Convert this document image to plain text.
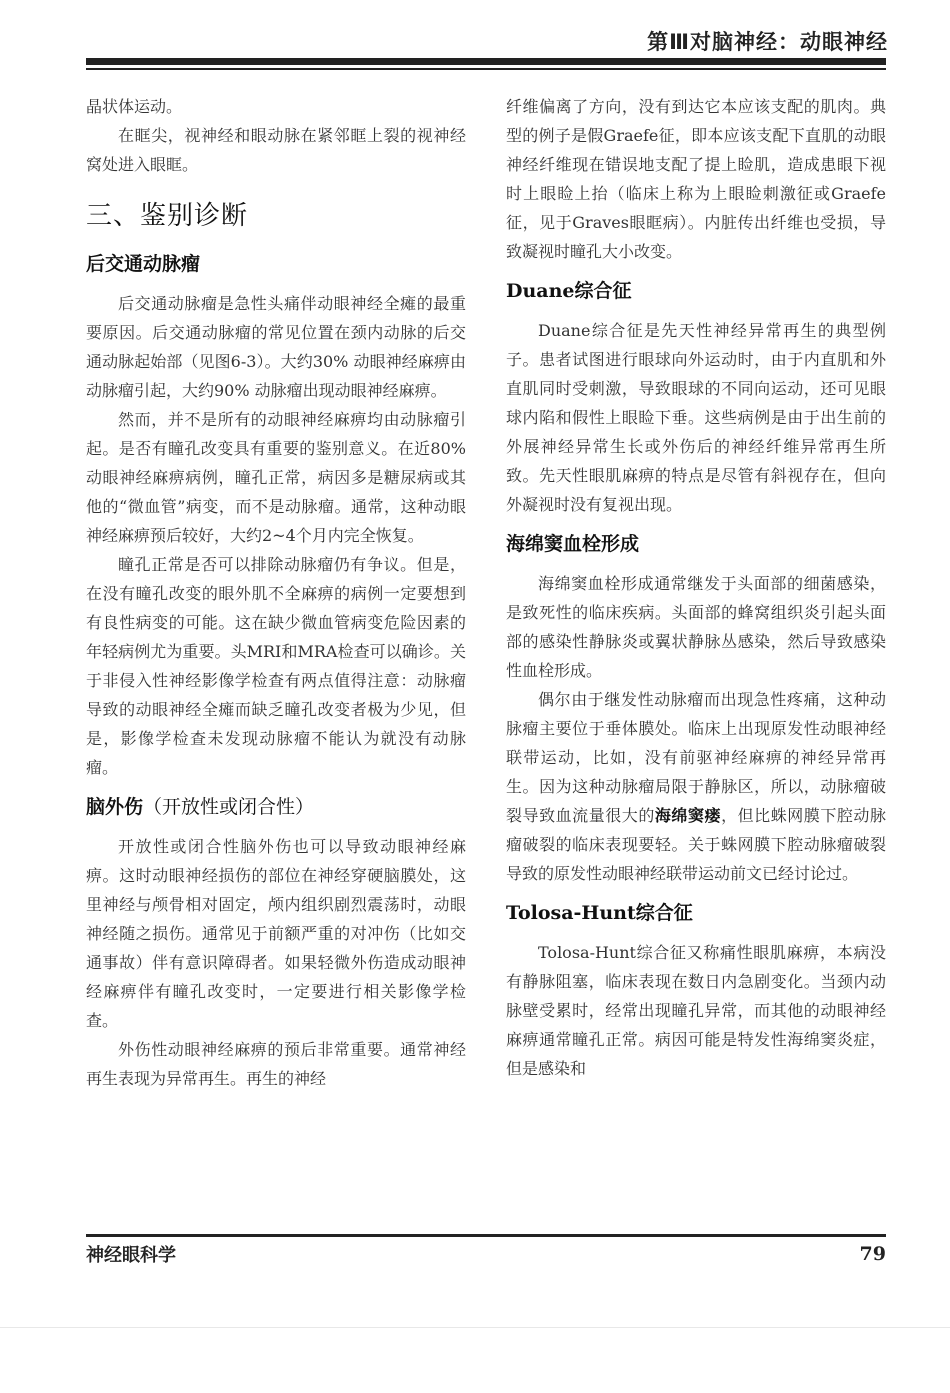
第Ⅲ对脑神经：动眼神经

晶状体运动。

在眶尖，视神经和眼动脉在紧邻眶上裂的视神经窝处进入眼眶。

三、鉴别诊断
后交通动脉瘤

后交通动脉瘤是急性头痛伴动眼神经全瘫的最重要原因。后交通动脉瘤的常见位置在颈内动脉的后交通动脉起始部（见图6-3）。大约30% 动眼神经麻痹由动脉瘤引起，大约90% 动脉瘤出现动眼神经麻痹。

然而，并不是所有的动眼神经麻痹均由动脉瘤引起。是否有瞳孔改变具有重要的鉴别意义。在近80% 动眼神经麻痹病例，瞳孔正常，病因多是糖尿病或其他的“微血管”病变，而不是动脉瘤。通常，这种动眼神经麻痹预后较好，大约2~4个月内完全恢复。

瞳孔正常是否可以排除动脉瘤仍有争议。但是，在没有瞳孔改变的眼外肌不全麻痹的病例一定要想到有良性病变的可能。这在缺少微血管病变危险因素的年轻病例尤为重要。头MRI和MRA检查可以确诊。关于非侵入性神经影像学检查有两点值得注意：动脉瘤导致的动眼神经全瘫而缺乏瞳孔改变者极为少见，但是，影像学检查未发现动脉瘤不能认为就没有动脉瘤。

脑外伤（开放性或闭合性）

开放性或闭合性脑外伤也可以导致动眼神经麻痹。这时动眼神经损伤的部位在神经穿硬脑膜处，这里神经与颅骨相对固定，颅内组织剧烈震荡时，动眼神经随之损伤。通常见于前额严重的对冲伤（比如交通事故）伴有意识障碍者。如果轻微外伤造成动眼神经麻痹伴有瞳孔改变时，一定要进行相关影像学检查。

外伤性动眼神经麻痹的预后非常重要。通常神经再生表现为异常再生。再生的神经

纤维偏离了方向，没有到达它本应该支配的肌肉。典型的例子是假Graefe征，即本应该支配下直肌的动眼神经纤维现在错误地支配了提上睑肌，造成患眼下视时上眼睑上抬（临床上称为上眼睑刺激征或Graefe征，见于Graves眼眶病）。内脏传出纤维也受损，导致凝视时瞳孔大小改变。

Duane综合征

Duane综合征是先天性神经异常再生的典型例子。患者试图进行眼球向外运动时，由于内直肌和外直肌同时受刺激，导致眼球的不同向运动，还可见眼球内陷和假性上眼睑下垂。这些病例是由于出生前的外展神经异常生长或外伤后的神经纤维异常再生所致。先天性眼肌麻痹的特点是尽管有斜视存在，但向外凝视时没有复视出现。

海绵窦血栓形成

海绵窦血栓形成通常继发于头面部的细菌感染，是致死性的临床疾病。头面部的蜂窝组织炎引起头面部的感染性静脉炎或翼状静脉丛感染，然后导致感染性血栓形成。

偶尔由于继发性动脉瘤而出现急性疼痛，这种动脉瘤主要位于垂体膜处。临床上出现原发性动眼神经联带运动，比如，没有前驱神经麻痹的神经异常再生。因为这种动脉瘤局限于静脉区，所以，动脉瘤破裂导致血流量很大的海绵窦瘘，但比蛛网膜下腔动脉瘤破裂的临床表现要轻。关于蛛网膜下腔动脉瘤破裂导致的原发性动眼神经联带运动前文已经讨论过。

Tolosa-Hunt综合征

Tolosa-Hunt综合征又称痛性眼肌麻痹，本病没有静脉阻塞，临床表现在数日内急剧变化。当颈内动脉壁受累时，经常出现瞳孔异常，而其他的动眼神经麻痹通常瞳孔正常。病因可能是特发性海绵窦炎症，但是感染和

神经眼科学	79
